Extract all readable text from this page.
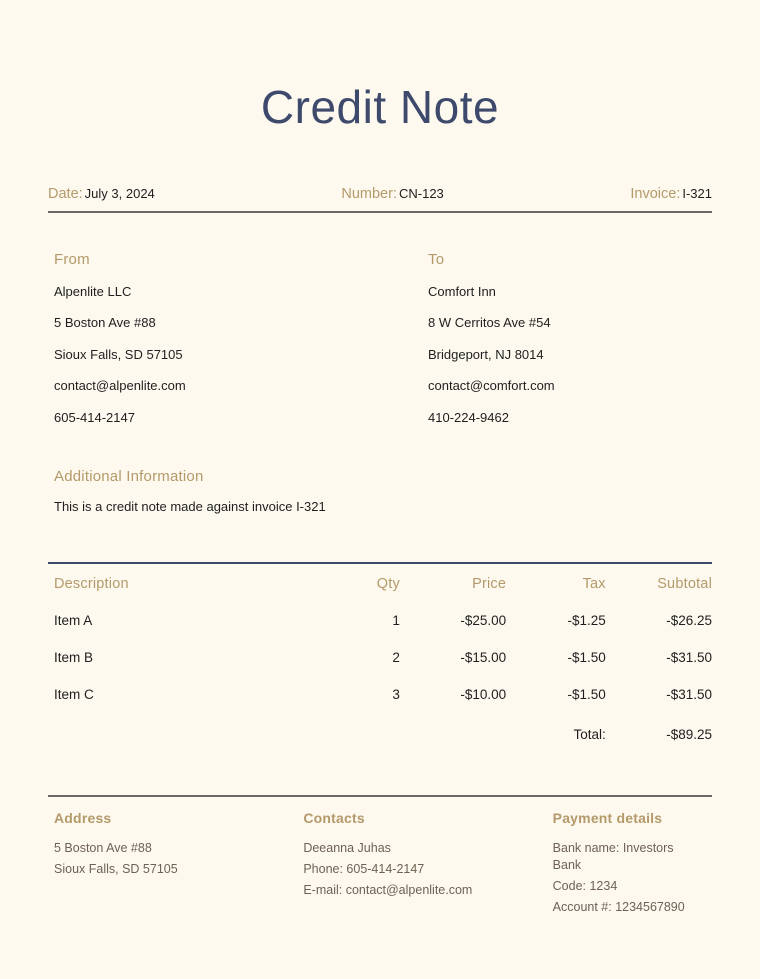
Credit Note
Date: July 3, 2024	Number: CN-123	Invoice: I-321
From

Alpenlite LLC

5 Boston Ave #88

Sioux Falls, SD 57105

contact@alpenlite.com

605-414-2147

To

Comfort Inn

8 W Cerritos Ave #54

Bridgeport, NJ 8014

contact@comfort.com

410-224-9462

Additional Information

This is a credit note made against invoice I-321

Description	Qty	Price	Tax	Subtotal
Item A	1	-$25.00	-$1.25	-$26.25
Item B	2	-$15.00	-$1.50	-$31.50
Item C	3	-$10.00	-$1.50	-$31.50
			Total:	-$89.25
Address

5 Boston Ave #88

Sioux Falls, SD 57105

Contacts

Deeanna Juhas

Phone: 605-414-2147

E-mail: contact@alpenlite.com

Payment details

Bank name: Investors Bank

Code: 1234

Account #: 1234567890
